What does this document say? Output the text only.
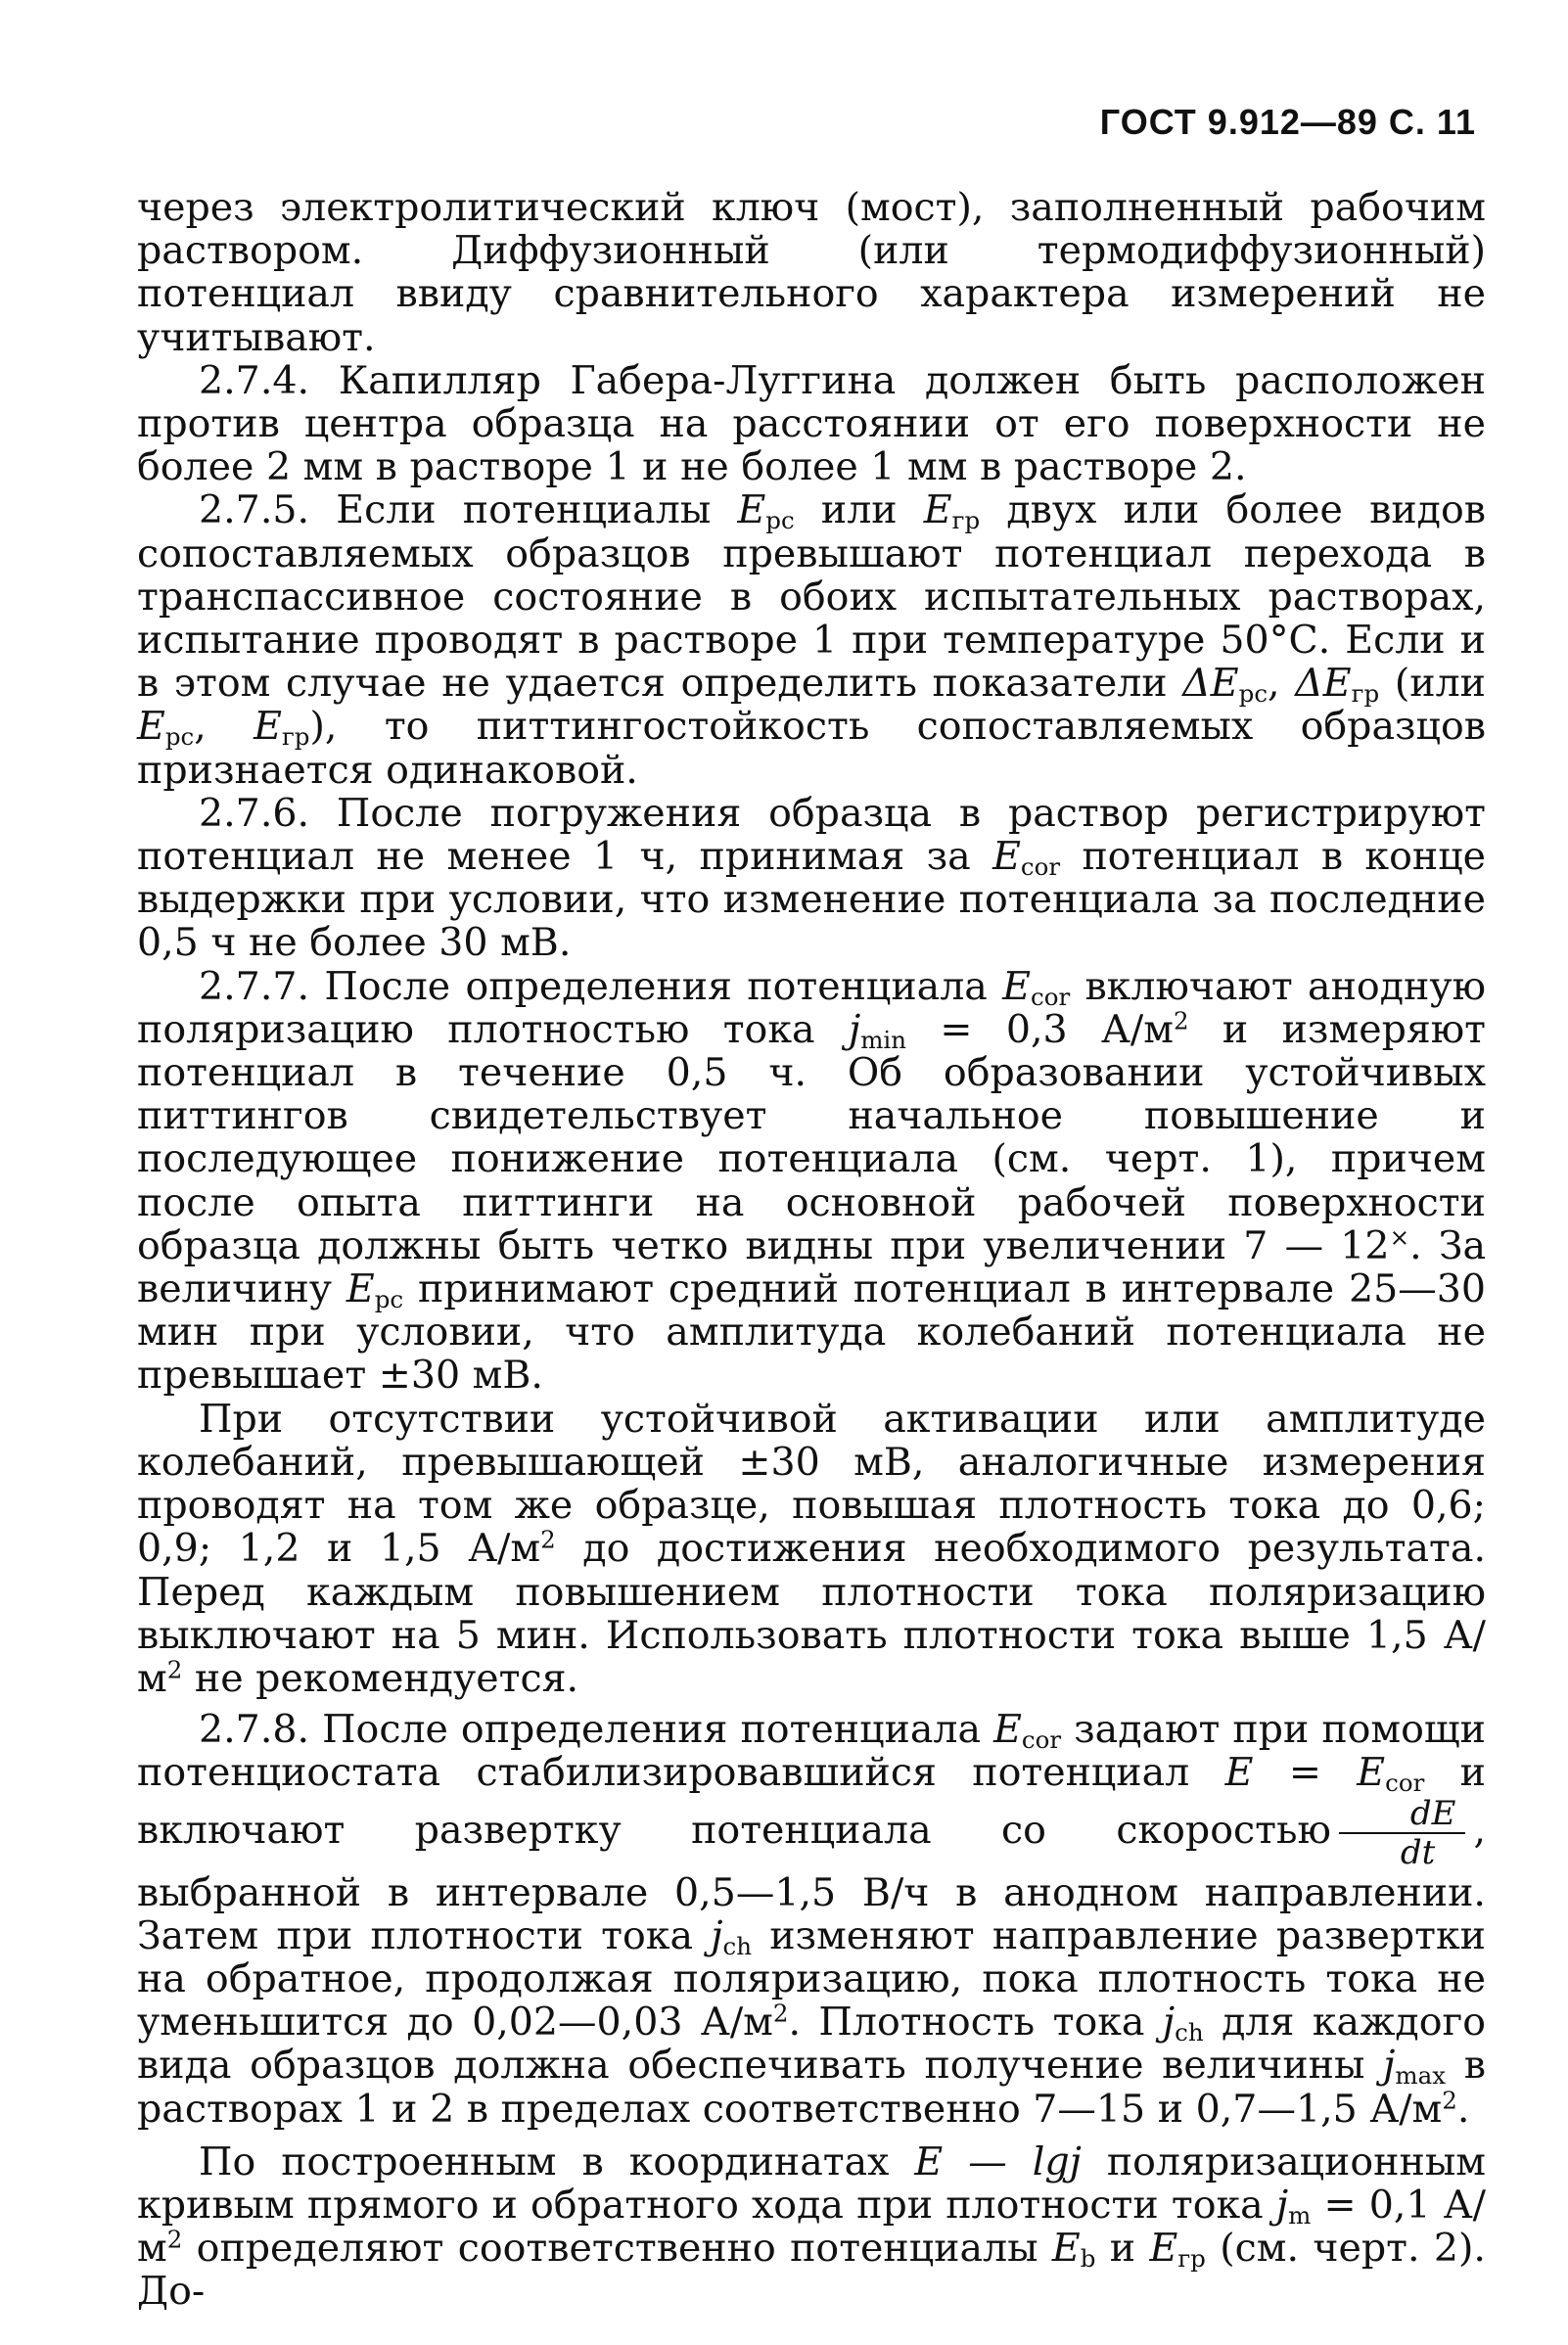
ГОСТ 9.912—89 С. 11

через электролитический ключ (мост), заполненный рабочим раствором. Диффузионный (или термодиффузионный) потенциал ввиду сравнительного характера измерений не учитывают.

2.7.4. Капилляр Габера-Луггина должен быть расположен против центра образца на расстоянии от его поверхности не более 2 мм в растворе 1 и не более 1 мм в растворе 2.

2.7.5. Если потенциалы $E_{рс}$ или $E_{гр}$ двух или более видов сопоставляемых образцов превышают потенциал перехода в транспассивное состояние в обоих испытательных растворах, испытание проводят в растворе 1 при температуре 50°С. Если и в этом случае не удается определить показатели $\Delta E_{рс}$, $\Delta E_{гр}$ (или $E_{рс}$, $E_{гр}$), то питтингостойкость сопоставляемых образцов признается одинаковой.

2.7.6. После погружения образца в раствор регистрируют потенциал не менее 1 ч, принимая за $E_{cor}$ потенциал в конце выдержки при условии, что изменение потенциала за последние 0,5 ч не более 30 мВ.

2.7.7. После определения потенциала $E_{cor}$ включают анодную поляризацию плотностью тока $j_{min} = 0,3$ $А/м^2$ и измеряют потенциал в течение 0,5 ч. Об образовании устойчивых питтингов свидетельствует начальное повышение и последующее понижение потенциала (см. черт. 1), причем после опыта питтинги на основной рабочей поверхности образца должны быть четко видны при увеличении 7 — 12×. За величину $E_{рс}$ принимают средний потенциал в интервале 25—30 мин при условии, что амплитуда колебаний потенциала не превышает ±30 мВ.

При отсутствии устойчивой активации или амплитуде колебаний, превышающей ±30 мВ, аналогичные измерения проводят на том же образце, повышая плотность тока до 0,6; 0,9; 1,2 и 1,5 $А/м^2$ до достижения необходимого результата. Перед каждым повышением плотности тока поляризацию выключают на 5 мин. Использовать плотности тока выше 1,5 $А/м^2$ не рекомендуется.

2.7.8. После определения потенциала $E_{cor}$ задают при помощи потенциостата стабилизировавшийся потенциал $E = E_{cor}$ и включают развертку потенциала со скоростью $\frac{dE}{dt}$ , выбранной в интервале 0,5—1,5 В/ч в анодном направлении. Затем при плотности тока $j_{ch}$ изменяют направление развертки на обратное, продолжая поляризацию, пока плотность тока не уменьшится до 0,02—0,03 $А/м^2$. Плотность тока $j_{ch}$ для каждого вида образцов должна обеспечивать получение величины $j_{max}$ в растворах 1 и 2 в пределах соответственно 7—15 и 0,7—1,5 $А/м^2$.

По построенным в координатах E — lgj поляризационным кривым прямого и обратного хода при плотности тока $j_m = 0,1$ $А/м^2$ определяют соответственно потенциалы $E_b$ и $E_{гр}$ (см. черт. 2). До-
